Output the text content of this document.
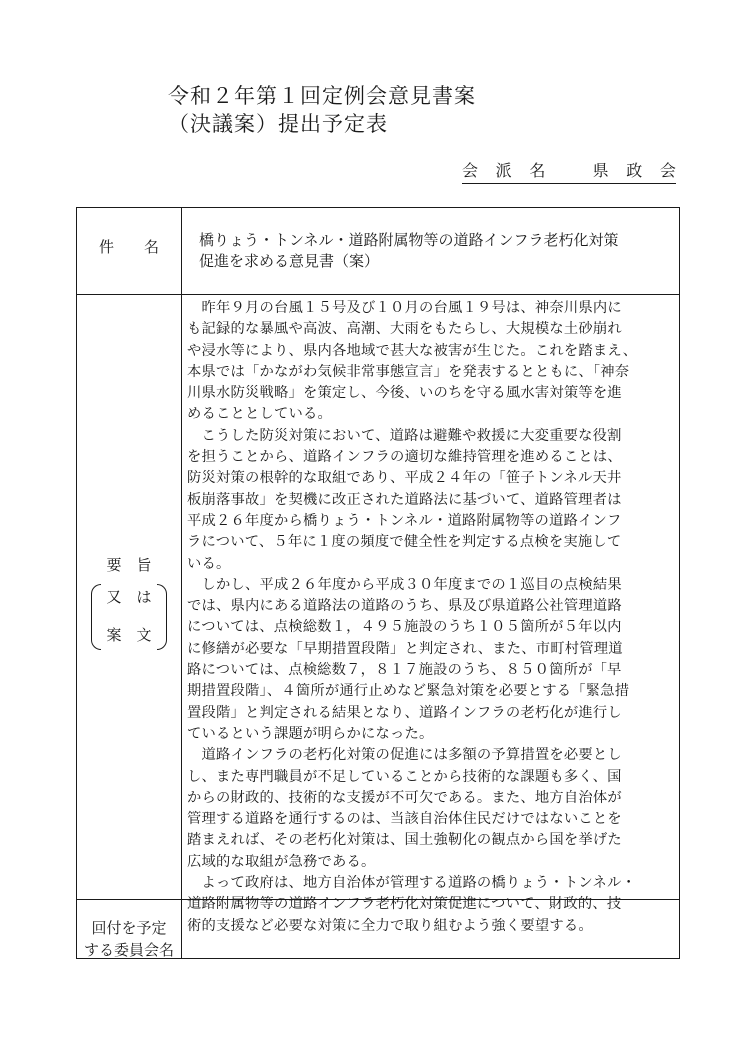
令和２年第１回定例会意見書案
（決議案）提出予定表
会 派 名	県 政 会
件　　名	橋りょう・トンネル・道路附属物等の道路インフラ老朽化対策
促進を求める意見書（案）
要　旨
又　は
案　文
　昨年９月の台風１５号及び１０月の台風１９号は、神奈川県内に
も記録的な暴風や高波、高潮、大雨をもたらし、大規模な土砂崩れ
や浸水等により、県内各地域で甚大な被害が生じた。これを踏まえ、
本県では「かながわ気候非常事態宣言」を発表するとともに、「神奈
川県水防災戦略」を策定し、今後、いのちを守る風水害対策等を進
めることとしている。
　こうした防災対策において、道路は避難や救援に大変重要な役割
を担うことから、道路インフラの適切な維持管理を進めることは、
防災対策の根幹的な取組であり、平成２４年の「笹子トンネル天井
板崩落事故」を契機に改正された道路法に基づいて、道路管理者は
平成２６年度から橋りょう・トンネル・道路附属物等の道路インフ
ラについて、５年に１度の頻度で健全性を判定する点検を実施して
いる。
　しかし、平成２６年度から平成３０年度までの１巡目の点検結果
では、県内にある道路法の道路のうち、県及び県道路公社管理道路
については、点検総数１，４９５施設のうち１０５箇所が５年以内
に修繕が必要な「早期措置段階」と判定され、また、市町村管理道
路については、点検総数７，８１７施設のうち、８５０箇所が「早
期措置段階」、４箇所が通行止めなど緊急対策を必要とする「緊急措
置段階」と判定される結果となり、道路インフラの老朽化が進行し
ているという課題が明らかになった。
　道路インフラの老朽化対策の促進には多額の予算措置を必要とし
し、また専門職員が不足していることから技術的な課題も多く、国
からの財政的、技術的な支援が不可欠である。また、地方自治体が
管理する道路を通行するのは、当該自治体住民だけではないことを
踏まえれば、その老朽化対策は、国土強靭化の観点から国を挙げた
広域的な取組が急務である。
　よって政府は、地方自治体が管理する道路の橋りょう・トンネル・
道路附属物等の道路インフラ老朽化対策促進について、財政的、技
術的支援など必要な対策に全力で取り組むよう強く要望する。
回付を予定
する委員会名
